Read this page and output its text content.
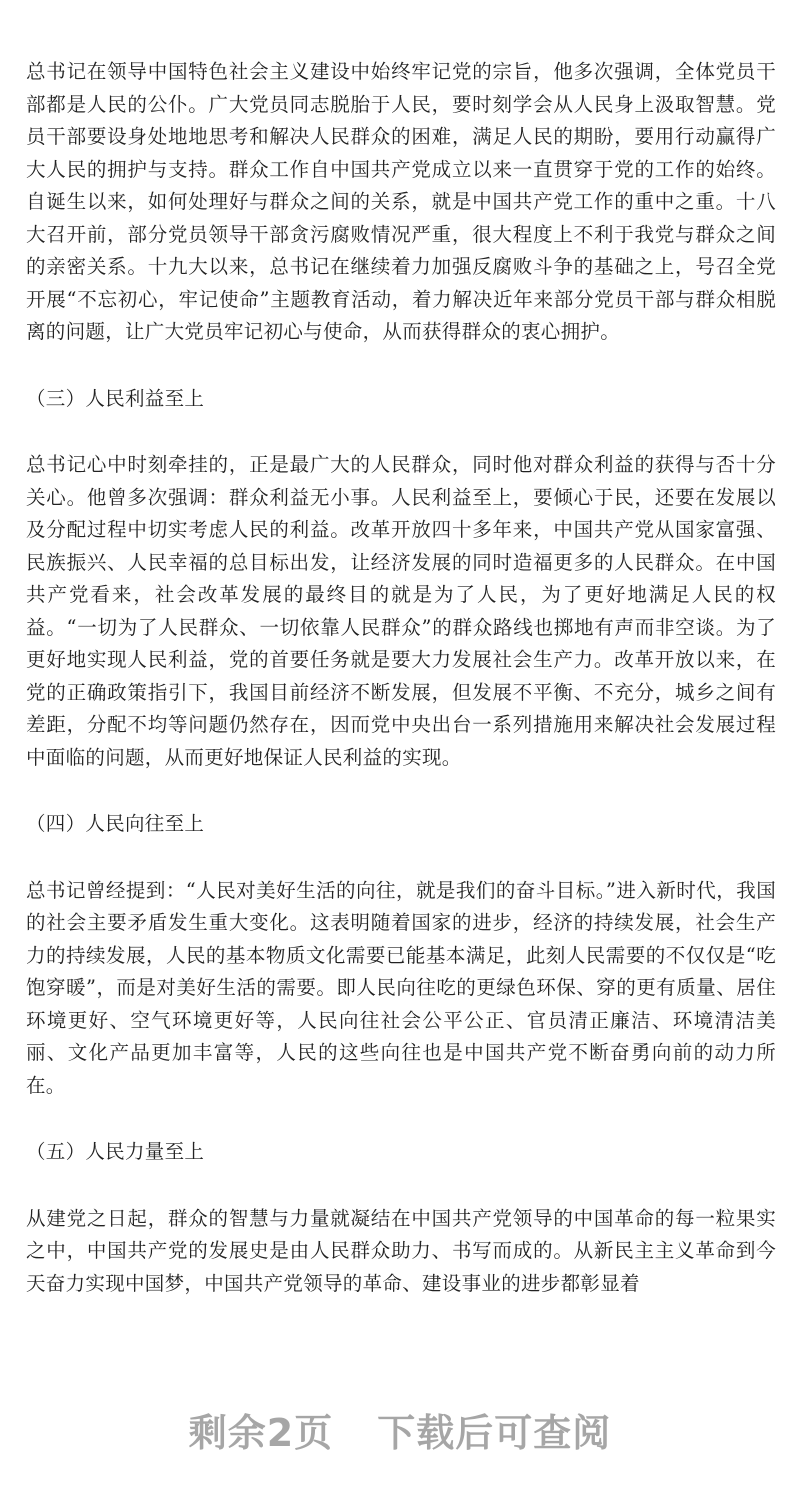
总书记在领导中国特色社会主义建设中始终牢记党的宗旨，他多次强调，全体党员干部都是人民的公仆。广大党员同志脱胎于人民，要时刻学会从人民身上汲取智慧。党员干部要设身处地地思考和解决人民群众的困难，满足人民的期盼，要用行动赢得广大人民的拥护与支持。群众工作自中国共产党成立以来一直贯穿于党的工作的始终。自诞生以来，如何处理好与群众之间的关系，就是中国共产党工作的重中之重。十八大召开前，部分党员领导干部贪污腐败情况严重，很大程度上不利于我党与群众之间的亲密关系。十九大以来，总书记在继续着力加强反腐败斗争的基础之上，号召全党开展“不忘初心，牢记使命”主题教育活动，着力解决近年来部分党员干部与群众相脱离的问题，让广大党员牢记初心与使命，从而获得群众的衷心拥护。

（三）人民利益至上

总书记心中时刻牵挂的，正是最广大的人民群众，同时他对群众利益的获得与否十分关心。他曾多次强调：群众利益无小事。人民利益至上，要倾心于民，还要在发展以及分配过程中切实考虑人民的利益。改革开放四十多年来，中国共产党从国家富强、民族振兴、人民幸福的总目标出发，让经济发展的同时造福更多的人民群众。在中国共产党看来，社会改革发展的最终目的就是为了人民，为了更好地满足人民的权益。“一切为了人民群众、一切依靠人民群众”的群众路线也掷地有声而非空谈。为了更好地实现人民利益，党的首要任务就是要大力发展社会生产力。改革开放以来，在党的正确政策指引下，我国目前经济不断发展，但发展不平衡、不充分，城乡之间有差距，分配不均等问题仍然存在，因而党中央出台一系列措施用来解决社会发展过程中面临的问题，从而更好地保证人民利益的实现。

（四）人民向往至上

总书记曾经提到：“人民对美好生活的向往，就是我们的奋斗目标。”进入新时代，我国的社会主要矛盾发生重大变化。这表明随着国家的进步，经济的持续发展，社会生产力的持续发展，人民的基本物质文化需要已能基本满足，此刻人民需要的不仅仅是“吃饱穿暖”，而是对美好生活的需要。即人民向往吃的更绿色环保、穿的更有质量、居住环境更好、空气环境更好等，人民向往社会公平公正、官员清正廉洁、环境清洁美丽、文化产品更加丰富等，人民的这些向往也是中国共产党不断奋勇向前的动力所在。

（五）人民力量至上

从建党之日起，群众的智慧与力量就凝结在中国共产党领导的中国革命的每一粒果实之中，中国共产党的发展史是由人民群众助力、书写而成的。从新民主主义革命到今天奋力实现中国梦，中国共产党领导的革命、建设事业的进步都彰显着

剩余2页 下载后可查阅
